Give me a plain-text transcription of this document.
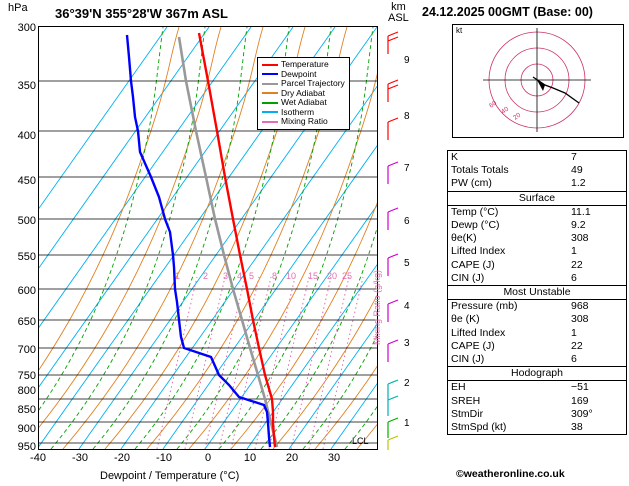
hPa 36°39'N 355°28'W 367m ASL	km
ASL
300
350
400
450
500
550
600
650
700
750
800
850
900
950
-40	-30	-20	-10	0	10	20	30
Dewpoint / Temperature (°C)
Temperature
Dewpoint
Parcel Trajectory
Dry Adiabat
Wet Adiabat
Isotherm
Mixing Ratio
1	2 3 4 5 8 10 15 20 25 Mixing Ratio (g/kg)
LCL
9
8
7
6
5
4
3
2
1
24.12.2025 00GMT (Base: 00)
kt
20
40
60
K	7
Totals Totals	49
PW (cm)	1.2
Surface	
Temp (°C)	11.1
Dewp (°C)	9.2
θe(K)	308
Lifted Index	1
CAPE (J)	22
CIN (J)	6
Most Unstable	
Pressure (mb)	968
θe (K)	308
Lifted Index	1
CAPE (J)	22
CIN (J)	6
Hodograph	
EH	−51
SREH	169
StmDir	309°
StmSpd (kt)	38
©weatheronline.co.uk
